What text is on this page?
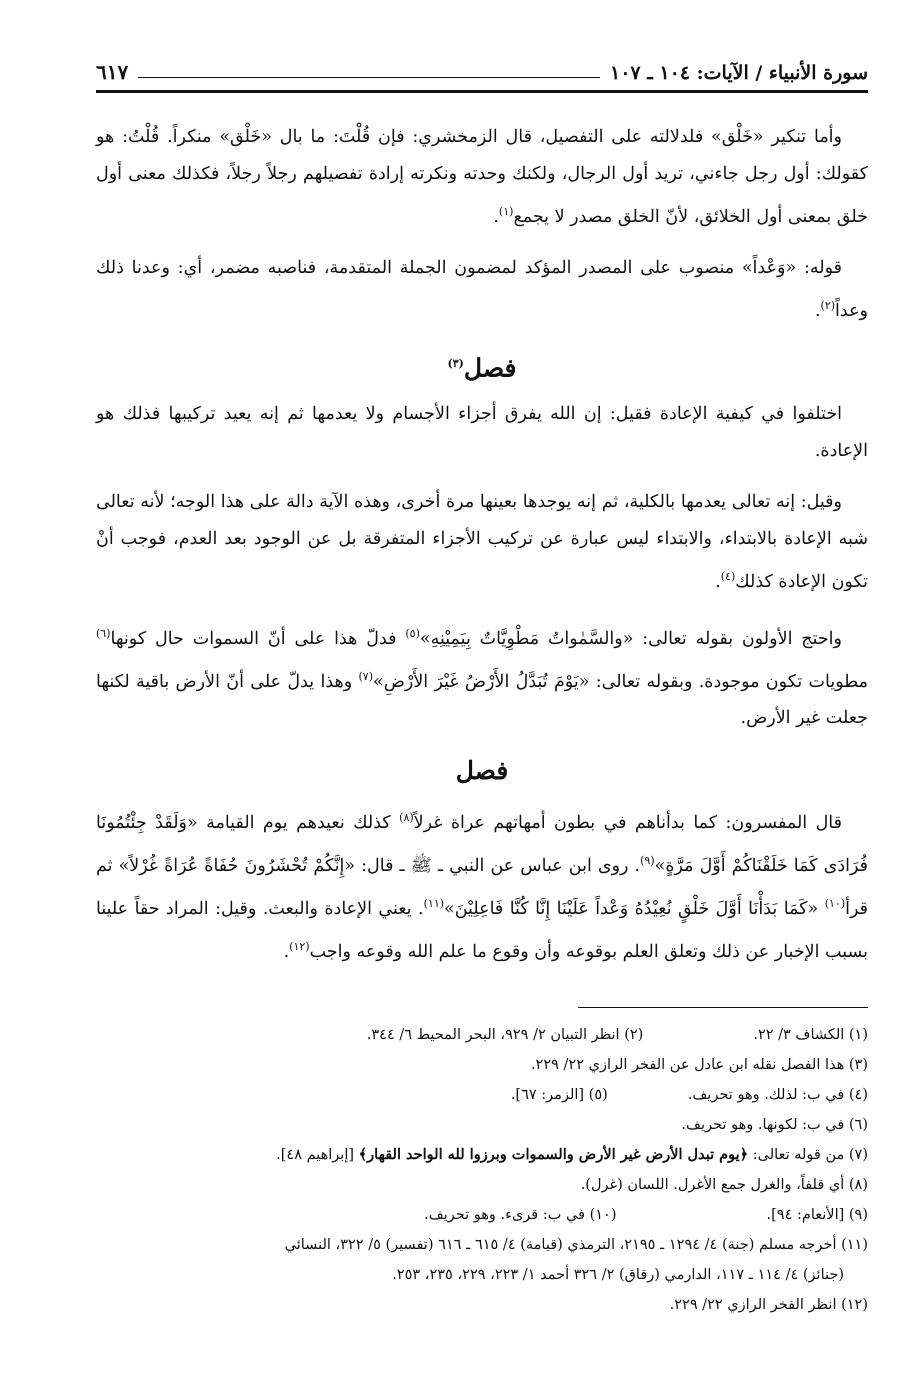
سورة الأنبياء / الآيات: ١٠٤ ـ ١٠٧
٦١٧

وأما تنكير «خَلْق» فلدلالته على التفصيل، قال الزمخشري: فإن قُلْتَ: ما بال «خَلْق» منكراً. قُلْتُ: هو كقولك: أول رجل جاءني، تريد أول الرجال، ولكنك وحدته ونكرته إرادة تفصيلهم رجلاً رجلاً، فكذلك معنى أول خلق بمعنى أول الخلائق، لأنّ الخلق مصدر لا يجمع$^{(١)}$.

قوله: «وَعْداً» منصوب على المصدر المؤكد لمضمون الجملة المتقدمة، فناصبه مضمر، أي: وعدنا ذلك وعداً$^{(٢)}$.

فصل$^{(٣)}$

اختلفوا في كيفية الإعادة فقيل: إن الله يفرق أجزاء الأجسام ولا يعدمها ثم إنه يعيد تركيبها فذلك هو الإعادة.

وقيل: إنه تعالى يعدمها بالكلية، ثم إنه يوجدها بعينها مرة أخرى، وهذه الآية دالة على هذا الوجه؛ لأنه تعالى شبه الإعادة بالابتداء، والابتداء ليس عبارة عن تركيب الأجزاء المتفرقة بل عن الوجود بعد العدم، فوجب أنْ تكون الإعادة كذلك$^{(٤)}$.

واحتج الأولون بقوله تعالى: «والسَّمٰواتُ مَطْوِيَّاتٌ بِيَمِيْنِهِ»$^{(٥)}$ فدلّ هذا على أنّ السموات حال كونها$^{(٦)}$ مطويات تكون موجودة. وبقوله تعالى: «يَوْمَ تُبَدَّلُ الأَرْضُ غَيْرَ الأَرْضِ»$^{(٧)}$ وهذا يدلّ على أنّ الأرض باقية لكنها جعلت غير الأرض.

فصل

قال المفسرون: كما بدأناهم في بطون أمهاتهم عراة غرلاً$^{(٨)}$ كذلك نعيدهم يوم القيامة «وَلَقَدْ جِئْتُمُونَا فُرَادَى كَمَا خَلَقْنَاكُمْ أَوَّلَ مَرَّةٍ»$^{(٩)}$. روى ابن عباس عن النبي ـ ﷺ ـ قال: «إِنَّكُمْ تُحْشَرُونَ حُفَاةً عُرَاةً غُرْلاً» ثم قرأ$^{(١٠)}$ «كَمَا بَدَأْنَا أَوَّلَ خَلْقٍ نُعِيْدُهُ وَعْداً عَلَيْنَا إِنَّا كُنَّا فَاعِلِيْنَ»$^{(١١)}$. يعني الإعادة والبعث. وقيل: المراد حقاً علينا بسبب الإخبار عن ذلك وتعلق العلم بوقوعه وأن وقوع ما علم الله وقوعه واجب$^{(١٢)}$.

(١) الكشاف ٣/ ٢٢.
(٢) انظر التبيان ٢/ ٩٢٩، البحر المحيط ٦/ ٣٤٤.
(٣) هذا الفصل نقله ابن عادل عن الفخر الرازي ٢٢/ ٢٢٩.
(٤) في ب: لذلك. وهو تحريف.
(٥) [الزمر: ٦٧].
(٦) في ب: لكونها. وهو تحريف.
(٧) من قوله تعالى: ﴿يوم تبدل الأرض غير الأرض والسموات وبرزوا لله الواحد القهار﴾ [إبراهيم ٤٨].
(٨) أي قلفاً، والغرل جمع الأغرل. اللسان (غرل).
(٩) [الأنعام: ٩٤].
(١٠) في ب: قرىء. وهو تحريف.
(١١) أخرجه مسلم (جنة) ٤/ ١٢٩٤ ـ ٢١٩٥، الترمذي (قيامة) ٤/ ٦١٥ ـ ٦١٦ (تفسير) ٥/ ٣٢٢، النسائي
(جنائز) ٤/ ١١٤ ـ ١١٧، الدارمي (رقاق) ٢/ ٣٢٦ أحمد ١/ ٢٢٣، ٢٢٩، ٢٣٥، ٢٥٣.
(١٢) انظر الفخر الرازي ٢٢/ ٢٢٩.
